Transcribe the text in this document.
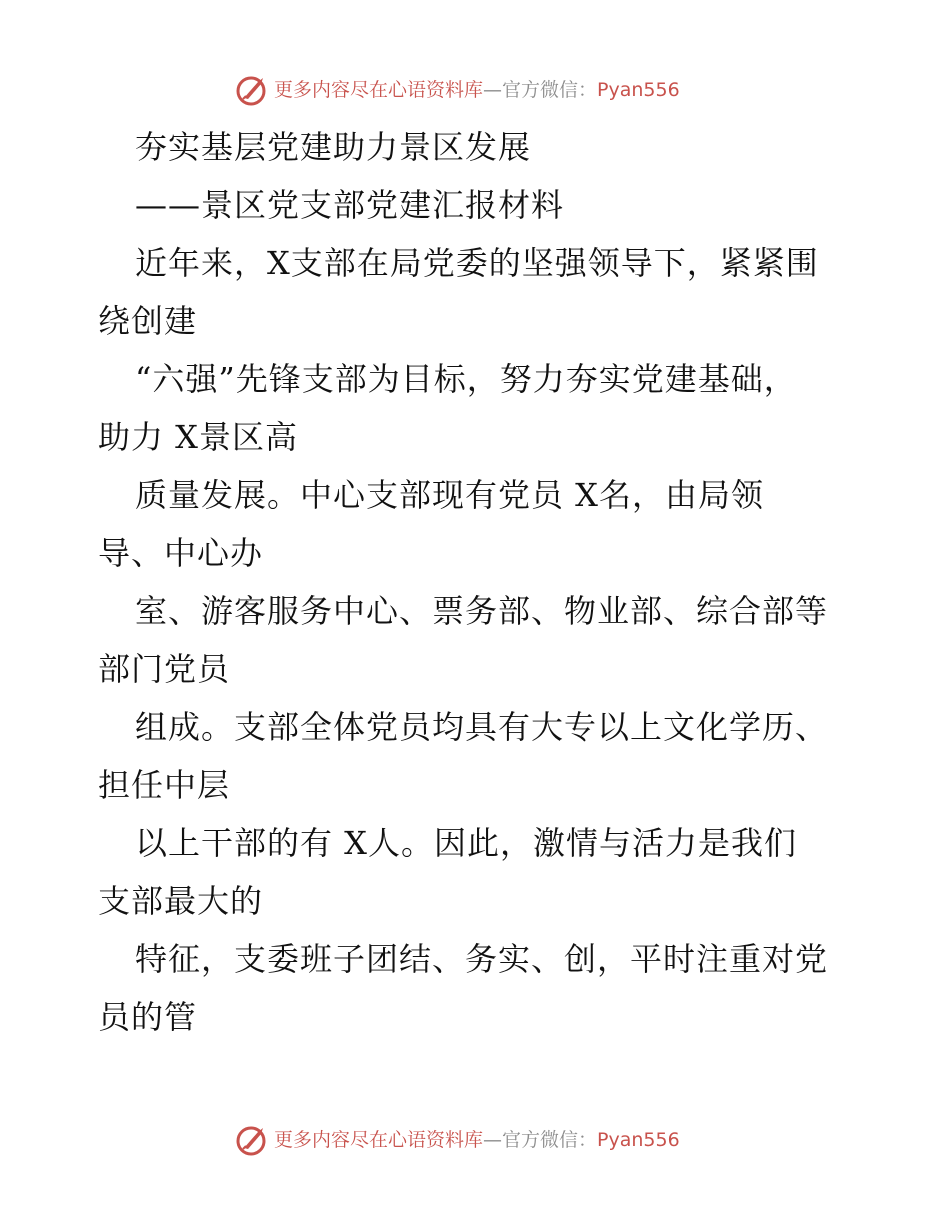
更多内容尽在心语资料库—官方微信：Pyan556
夯实基层党建助力景区发展
——景区党支部党建汇报材料
近年来，X支部在局党委的坚强领导下，紧紧围
绕创建
“六强”先锋支部为目标，努力夯实党建基础，
助力 X景区高
质量发展。中心支部现有党员 X名，由局领
导、中心办
室、游客服务中心、票务部、物业部、综合部等
部门党员
组成。支部全体党员均具有大专以上文化学历、
担任中层
以上干部的有 X人。因此，激情与活力是我们
支部最大的
特征，支委班子团结、务实、创，平时注重对党
员的管
更多内容尽在心语资料库—官方微信：Pyan556
